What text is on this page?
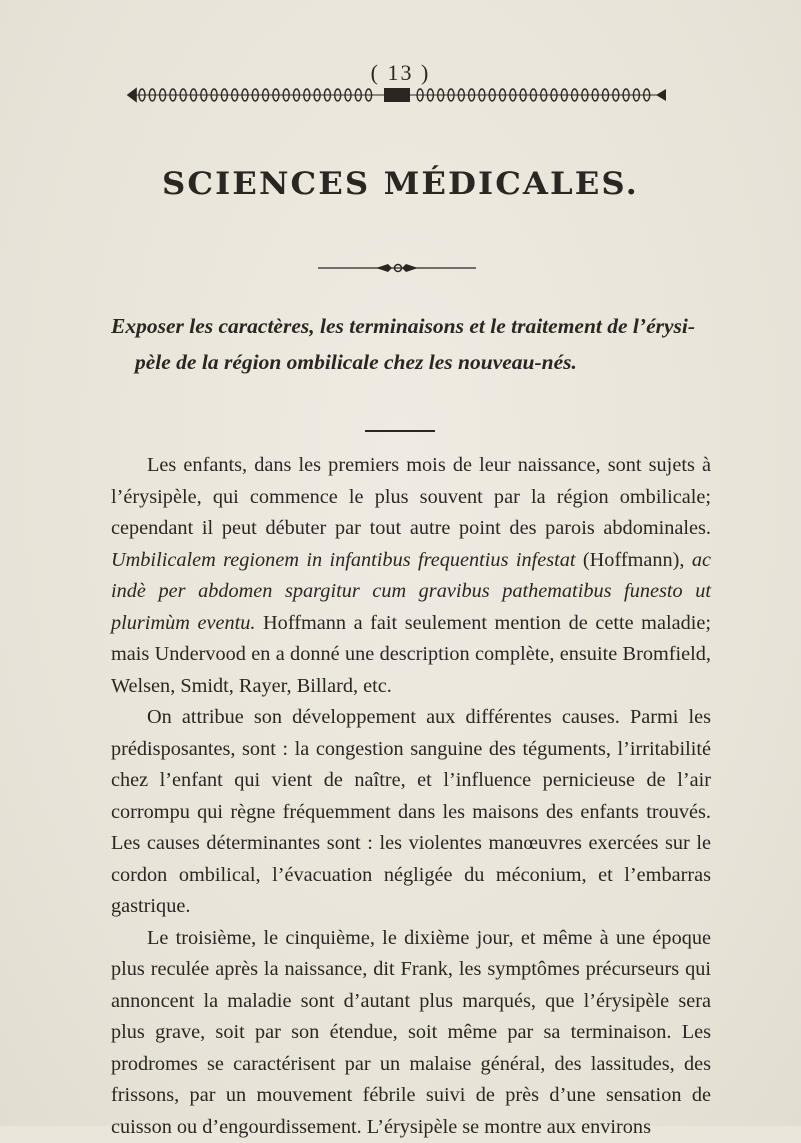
( 13 )
SCIENCES MÉDICALES.
Exposer les caractères, les terminaisons et le traitement de l’érysi-
pèle de la région ombilicale chez les nouveau-nés.

Les enfants, dans les premiers mois de leur naissance, sont sujets à l’érysipèle, qui commence le plus souvent par la région ombilicale; cependant il peut débuter par tout autre point des parois abdominales. Umbilicalem regionem in infantibus frequentius infestat (Hoffmann), ac indè per abdomen spargitur cum gravibus pathematibus funesto ut plurimùm eventu. Hoffmann a fait seulement mention de cette maladie; mais Undervood en a donné une description complète, ensuite Bromfield, Welsen, Smidt, Rayer, Billard, etc.

On attribue son développement aux différentes causes. Parmi les prédisposantes, sont : la congestion sanguine des téguments, l’irritabilité chez l’enfant qui vient de naître, et l’influence pernicieuse de l’air corrompu qui règne fréquemment dans les maisons des enfants trouvés. Les causes déterminantes sont : les violentes manœuvres exercées sur le cordon ombilical, l’évacuation négligée du méconium, et l’embarras gastrique.

Le troisième, le cinquième, le dixième jour, et même à une époque plus reculée après la naissance, dit Frank, les symptômes précurseurs qui annoncent la maladie sont d’autant plus marqués, que l’érysipèle sera plus grave, soit par son étendue, soit même par sa terminaison. Les prodromes se caractérisent par un malaise général, des lassitudes, des frissons, par un mouvement fébrile suivi de près d’une sensation de cuisson ou d’engourdissement. L’érysipèle se montre aux environs
